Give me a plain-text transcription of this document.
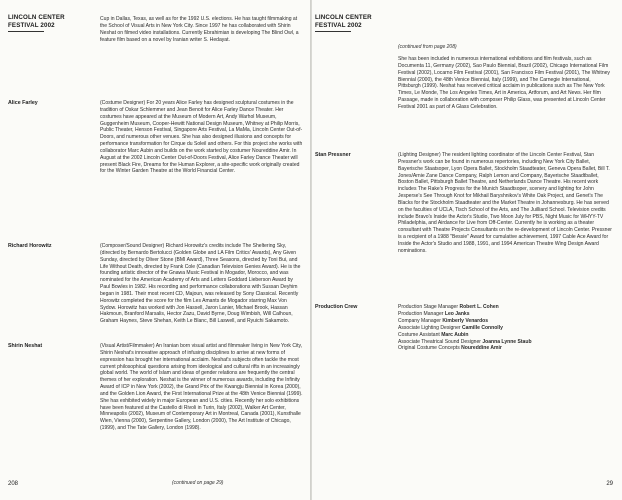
LINCOLN CENTER
FESTIVAL 2002
Cup in Dallas, Texas, as well as for the 1992 U.S. elections. He has taught filmmaking at the School of Visual Arts in New York City. Since 1997 he has collaborated with Shirin Neshat on filmed video installations. Currently Ebrahimian is developing The Blind Owl, a feature film based on a novel by Iranian writer S. Hedayat.
Alice Farley	(Costume Designer) For 20 years Alice Farley has designed sculptural costumes in the tradition of Oskar Schlemmer and Jean Benoit for Alice Farley Dance Theater. Her costumes have appeared at the Museum of Modern Art, Andy Warhol Museum, Guggenheim Museum, Cooper-Hewitt National Design Museum, Whitney at Philip Morris, Public Theater, Henson Festival, Singapore Arts Festival, La MaMa, Lincoln Center Out-of-Doors, and numerous other venues. She has also designed illusions and concepts for performance transformation for Cirque du Soleil and others. For this project she works with collaborator Marc Aubin and builds on the work started by costumer Noureddine Amir. In August at the 2002 Lincoln Center Out-of-Doors Festival, Alice Farley Dance Theater will present Black Fire, Dreams for the Human Explorer, a site-specific work originally created for the Winter Garden Theatre at the World Financial Center.
Richard Horowitz	(Composer/Sound Designer) Richard Horowitz's credits include The Sheltering Sky, (directed by Bernardo Bertolucci (Golden Globe and LA Film Critics' Awards), Any Given Sunday, directed by Oliver Stone (BMI Award), Three Seasons, directed by Toni Bui, and Life Without Death, directed by Frank Cole (Canadian Television Genies Award). He is the founding artistic director of the Gnawa Music Festival in Mogador, Morocco, and was nominated for the American Academy of Arts and Letters Goddard Lieberson Award by Paul Bowles in 1982. His recording and performance collaborations with Sussan Deyhim began in 1981. Their most recent CD, Majoun, was released by Sony Classical. Recently Horowitz completed the score for the film Les Amants de Mogador starring Max Von Sydow. Horowitz has worked with Jon Hassell, Jaron Lanier, Michael Brook, Hassan Hakmoun, Branford Marsalis, Hector Zazu, David Byrne, Doug Wimbish, Will Calhoun, Graham Haynes, Steve Shehan, Keith Le Blanc, Bill Laswell, and Ryuichi Sakamoto.
Shirin Neshat	(Visual Artist/Filmmaker) An Iranian born visual artist and filmmaker living in New York City, Shirin Neshat's innovative approach of infusing disciplines to arrive at new forms of expression has brought her international acclaim. Neshat's subjects often tackle the most current philosophical questions arising from ideological and cultural rifts in an increasingly global world. The world of Islam and ideas of gender relations are frequently the central themes of her exploration. Neshat is the winner of numerous awards, including the Infinity Award of ICP in New York (2002), the Grand Prix of the Kwangju Biennial in Korea (2000), and the Golden Lion Award, the First International Prize at the 48th Venice Biennial (1999). She has exhibited widely in major European and U.S. cities. Recently her solo exhibitions have been featured at the Castello di Rivoli in Turin, Italy (2002), Walker Art Center, Minneapolis (2002), Museum of Contemporary Art in Montreal, Canada (2001), Kunsthalle Wien, Vienna (2000), Serpentine Gallery, London (2000), The Art Institute of Chicago, (1999), and The Tate Gallery, London (1998).
208	(continued on page 29)
LINCOLN CENTER
FESTIVAL 2002
(continued from page 208)
She has been included in numerous international exhibitions and film festivals, such as Documenta 11, Germany (2002), Sao Paulo Biennial, Brazil (2002), Chicago International Film Festival (2002), Locarno Film Festival (2001), San Francisco Film Festival (2001), The Whitney Biennial (2000), the 48th Venice Biennial, Italy (1999), and The Carnegie International, Pittsburgh (1999). Neshat has received critical acclaim in publications such as The New York Times, Le Monde, The Los Angeles Times, Art in America, Artforum, and Art News. Her film Passage, made in collaboration with composer Philip Glass, was presented at Lincoln Center Festival 2001 as part of A Glass Celebration.
Stan Pressner	(Lighting Designer) The resident lighting coordinator of the Lincoln Center Festival, Stan Pressner's work can be found in numerous repertories, including New York City Ballet, Bayerische Staatsoper, Lyon Opera Ballet, Stockholm Staadteater, Geneva Opera Ballet, Bill T. Jones/Arnie Zane Dance Company, Ralph Lemon and Company, Bayerische Staadtballet, Boston Ballet, Pittsburgh Ballet Theatre, and Netherlands Dance Theatre. His recent work includes The Rake's Progress for the Munich Staadtsoper, scenery and lighting for John Jesperse's See Through Knot for Mikhail Baryshnikov's White Oak Project, and Genet's The Blacks for the Stockholm Staadteater and the Market Theatre in Johannesburg. He has served on the faculties of UCLA, Tisch School of the Arts, and The Juilliard School. Television credits include Bravo's Inside the Actor's Studio, Two Moon July for PBS, Night Music for WHYY-TV Philadelphia, and Airdance for Live from Off-Center. Currently he is working as a theater consultant with Theatre Projects Consultants on the re-development of Lincoln Center. Pressner is a recipient of a 1988 "Bessie" Award for cumulative achievement, 1997 Cable Ace Award for Inside the Actor's Studio and 1988, 1991, and 1994 American Theatre Wing Design Award nominations.
Production Crew	Production Stage Manager Robert L. Cohen
Production Manager Leo Janks
Company Manager Kimberly Venardos
Associate Lighting Designer Camille Connolly
Costume Assistant Marc Aubin
Associate Theatrical Sound Designer Joanna Lynne Staub
Original Costume Concepts Noureddine Amir
29
